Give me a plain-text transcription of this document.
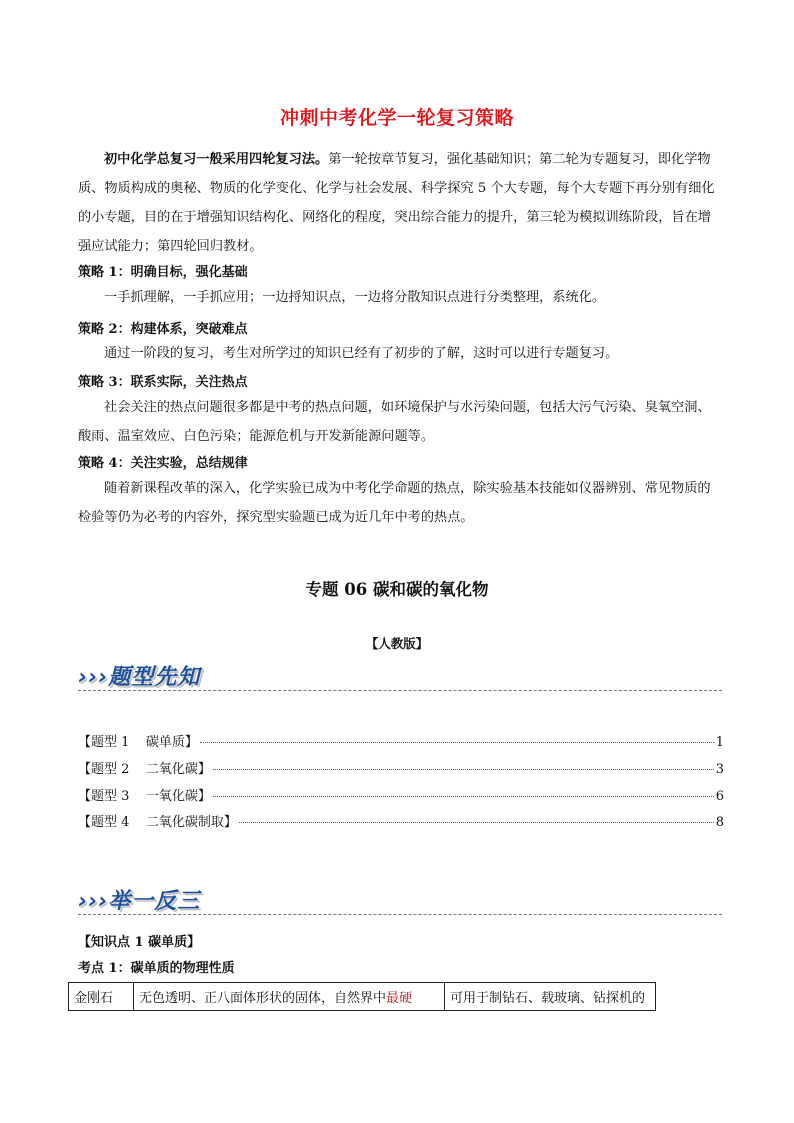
冲刺中考化学一轮复习策略
初中化学总复习一般采用四轮复习法。第一轮按章节复习，强化基础知识；第二轮为专题复习，即化学物质、物质构成的奥秘、物质的化学变化、化学与社会发展、科学探究 5 个大专题，每个大专题下再分别有细化的小专题，目的在于增强知识结构化、网络化的程度，突出综合能力的提升，第三轮为模拟训练阶段，旨在增强应试能力；第四轮回归教材。
策略 1：明确目标，强化基础
一手抓理解，一手抓应用；一边捋知识点，一边将分散知识点进行分类整理，系统化。
策略 2：构建体系，突破难点
通过一阶段的复习，考生对所学过的知识已经有了初步的了解，这时可以进行专题复习。
策略 3：联系实际，关注热点
社会关注的热点问题很多都是中考的热点问题，如环境保护与水污染问题，包括大污气污染、臭氧空洞、酸雨、温室效应、白色污染；能源危机与开发新能源问题等。
策略 4：关注实验，总结规律
随着新课程改革的深入，化学实验已成为中考化学命题的热点，除实验基本技能如仪器辨别、常见物质的检验等仍为必考的内容外，探究型实验题已成为近几年中考的热点。
专题 06 碳和碳的氧化物
【人教版】
›››题型先知
【题型 1    碳单质】	1
【题型 2    二氧化碳】	3
【题型 3    一氧化碳】	6
【题型 4    二氧化碳制取】	8
›››举一反三
【知识点 1 碳单质】
考点 1：碳单质的物理性质
金刚石	无色透明、正八面体形状的固体，自然界中最硬	可用于制钻石、载玻璃、钻探机的
